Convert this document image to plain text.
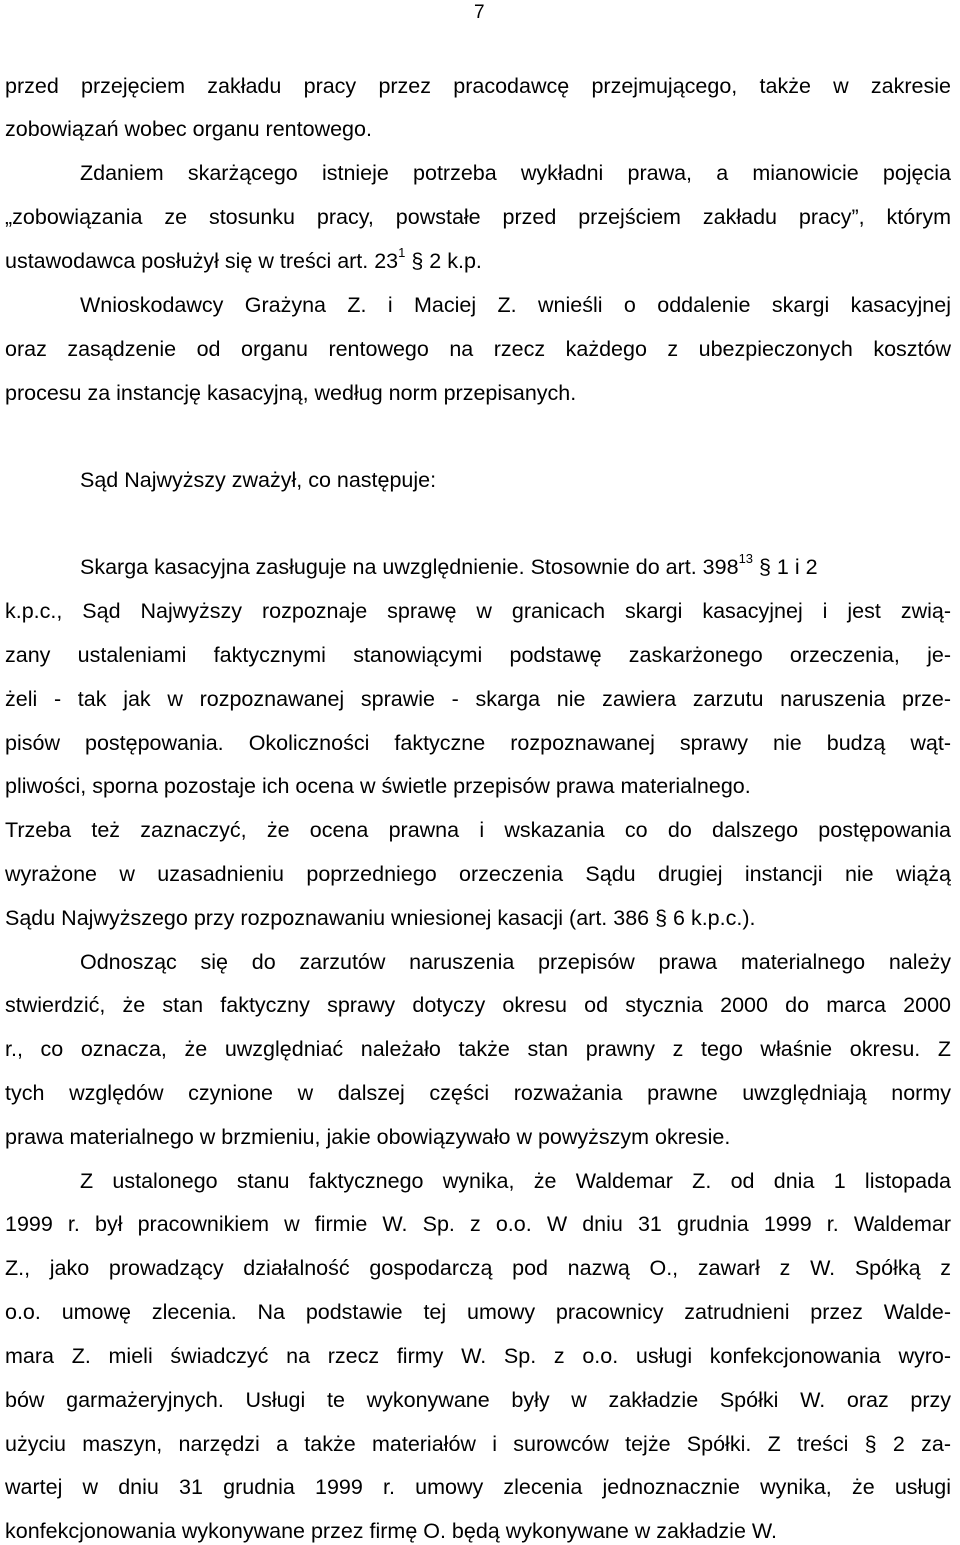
7
przed przejęciem zakładu pracy przez pracodawcę przejmującego, także w zakresie
zobowiązań wobec organu rentowego.
Zdaniem skarżącego istnieje potrzeba wykładni prawa, a mianowicie pojęcia
„zobowiązania ze stosunku pracy, powstałe przed przejściem zakładu pracy”, którym
ustawodawca posłużył się w treści art. $23^1$ § 2 k.p.
Wnioskodawcy Grażyna Z. i Maciej Z. wnieśli o oddalenie skargi kasacyjnej
oraz zasądzenie od organu rentowego na rzecz każdego z ubezpieczonych kosztów
procesu za instancję kasacyjną, według norm przepisanych.
Sąd Najwyższy zważył, co następuje:
Skarga kasacyjna zasługuje na uwzględnienie. Stosownie do art. $398^{13}$ § 1 i 2
k.p.c., Sąd Najwyższy rozpoznaje sprawę w granicach skargi kasacyjnej i jest zwią-
zany ustaleniami faktycznymi stanowiącymi podstawę zaskarżonego orzeczenia, je-
żeli - tak jak w rozpoznawanej sprawie - skarga nie zawiera zarzutu naruszenia prze-
pisów postępowania. Okoliczności faktyczne rozpoznawanej sprawy nie budzą wąt-
pliwości, sporna pozostaje ich ocena w świetle przepisów prawa materialnego.
Trzeba też zaznaczyć, że ocena prawna i wskazania co do dalszego postępowania
wyrażone w uzasadnieniu poprzedniego orzeczenia Sądu drugiej instancji nie wiążą
Sądu Najwyższego przy rozpoznawaniu wniesionej kasacji (art. 386 § 6 k.p.c.).
Odnosząc się do zarzutów naruszenia przepisów prawa materialnego należy
stwierdzić, że stan faktyczny sprawy dotyczy okresu od stycznia 2000 do marca 2000
r., co oznacza, że uwzględniać należało także stan prawny z tego właśnie okresu. Z
tych względów czynione w dalszej części rozważania prawne uwzględniają normy
prawa materialnego w brzmieniu, jakie obowiązywało w powyższym okresie.
Z ustalonego stanu faktycznego wynika, że Waldemar Z. od dnia 1 listopada
1999 r. był pracownikiem w firmie W. Sp. z o.o. W dniu 31 grudnia 1999 r. Waldemar
Z., jako prowadzący działalność gospodarczą pod nazwą O., zawarł z W. Spółką z
o.o. umowę zlecenia. Na podstawie tej umowy pracownicy zatrudnieni przez Walde-
mara Z. mieli świadczyć na rzecz firmy W. Sp. z o.o. usługi konfekcjonowania wyro-
bów garmażeryjnych. Usługi te wykonywane były w zakładzie Spółki W. oraz przy
użyciu maszyn, narzędzi a także materiałów i surowców tejże Spółki. Z treści § 2 za-
wartej w dniu 31 grudnia 1999 r. umowy zlecenia jednoznacznie wynika, że usługi
konfekcjonowania wykonywane przez firmę O. będą wykonywane w zakładzie W.
